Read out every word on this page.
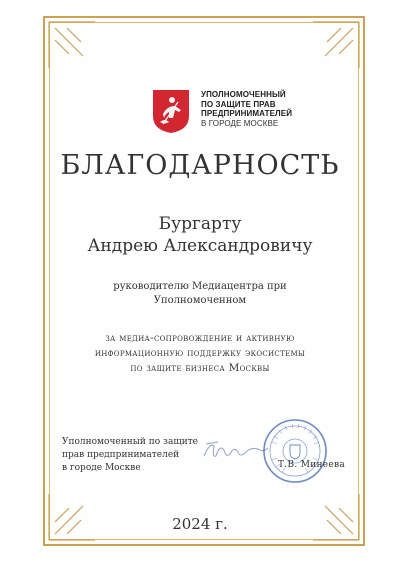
УПОЛНОМОЧЕННЫЙ
ПО ЗАЩИТЕ ПРАВ
ПРЕДПРИНИМАТЕЛЕЙ
В ГОРОДЕ МОСКВЕ
БЛАГОДАРНОСТЬ
Бургарту
Андрею Александровичу
руководителю Медиацентра при
Уполномоченном
за медиа-сопровождение и активную
информационную поддержку экосистемы
по защите бизнеса Москвы
Уполномоченный по защите
прав предпринимателей
в городе Москве	Т.В. Минеева
2024 г.
